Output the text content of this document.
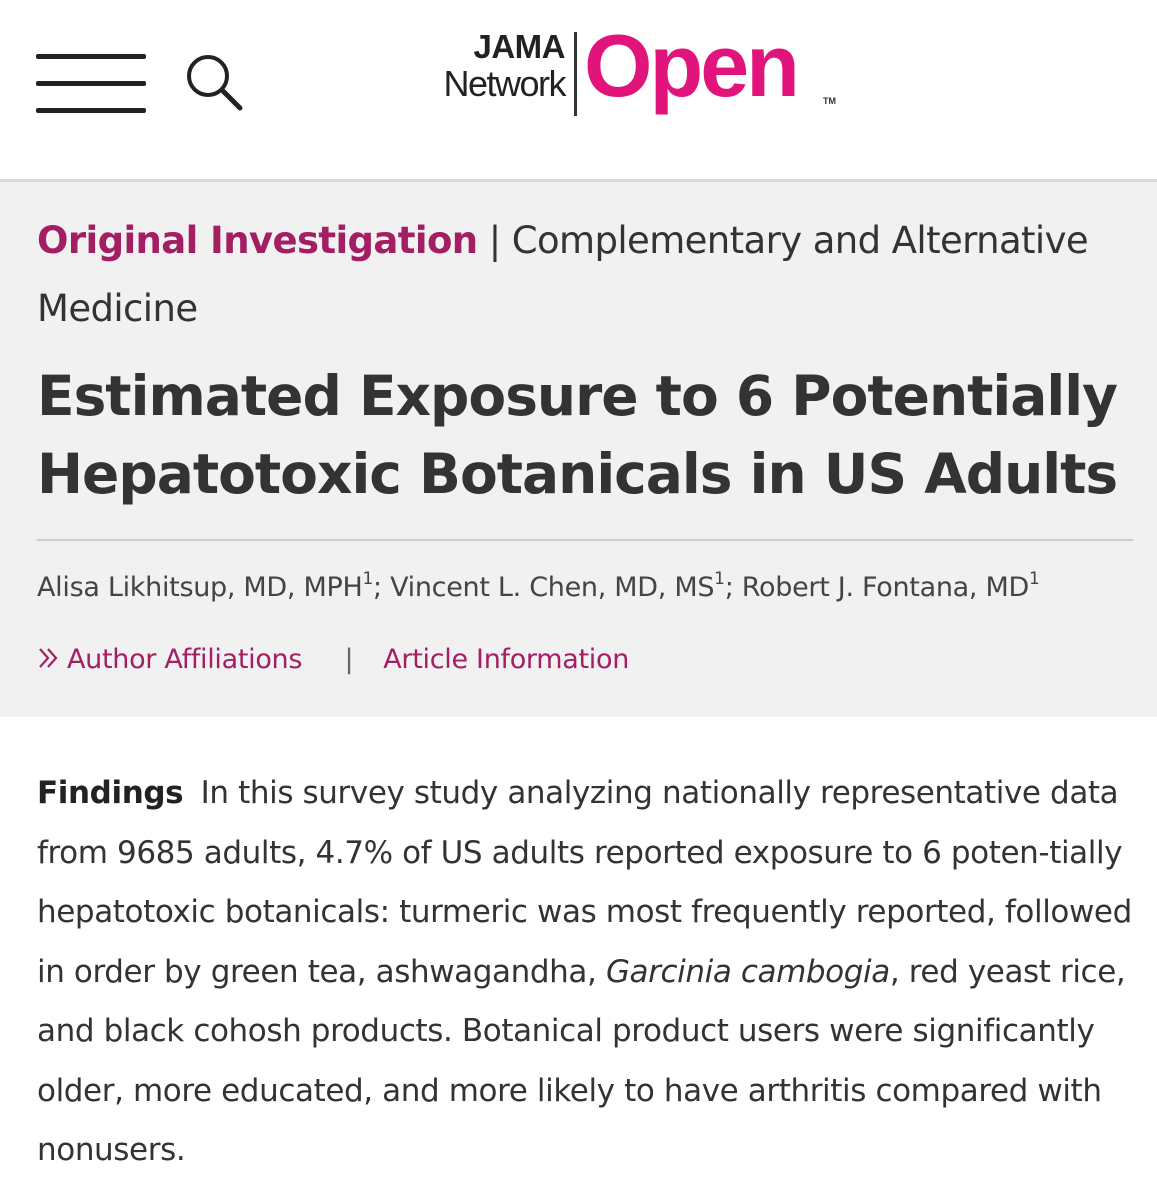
JAMA
Network Open	TM
Original Investigation | Complementary and Alternative Medicine
Estimated Exposure to 6 Potentially Hepatotoxic Botanicals in US Adults
Alisa Likhitsup, MD, MPH$^1$; Vincent L. Chen, MD, $MS^1$; Robert J. Fontana, $MD^1$
Author Affiliations | Article Information

Findings In this survey study analyzing nationally representative data from 9685 adults, 4.7% of US adults reported exposure to 6 poten-tially hepatotoxic botanicals: turmeric was most frequently reported, followed in order by green tea, ashwagandha, Garcinia cambogia, red yeast rice, and black cohosh products. Botanical product users were significantly older, more educated, and more likely to have arthritis compared with nonusers.
